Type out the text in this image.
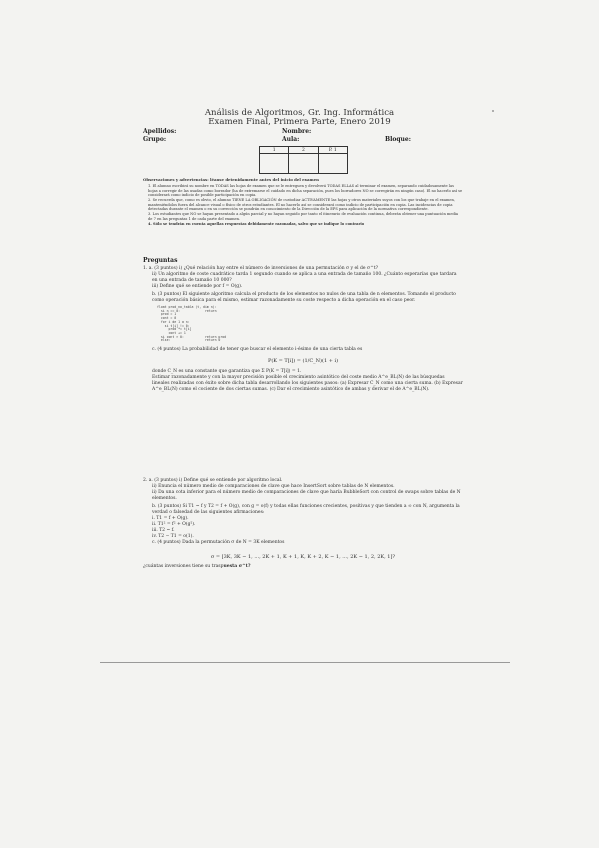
Análisis de Algoritmos, Gr. Ing. Informática
Examen Final, Primera Parte, Enero 2019
Apellidos:	Nombre:
Grupo:	Aula:	Bloque:
1	2	P. 1

Observaciones y advertencias: léanse detenidamente antes del inicio del examen
1. El alumno escribirá su nombre en TODAS las hojas de examen que se le entreguen y devolverá TODAS ELLAS al terminar el examen, separando cuidadosamente las hojas a corregir de las usadas como borrador (ha de extremarse el cuidado en dicha separación, pues los borradores NO se corregirán en ningún caso). El no hacerlo así se considerará como indicio de posible participación en copia.
2. Se recuerda que, como es obvio, el alumno TIENE LA OBLIGACIÓN de custodiar ACTIVAMENTE las hojas y otros materiales suyos con los que trabaje en el examen, manteniéndolos fuera del alcance visual o físico de otros estudiantes. El no hacerlo así se considerará como indicio de participación en copia. Las incidencias de copia detectadas durante el examen o en su corrección se pondrán en conocimiento de la Dirección de la EPS para aplicación de la normativa correspondiente.
3. Los estudiantes que NO se hayan presentado a algún parcial y no hayan seguido por tanto el itinerario de evaluación continua, deberán obtener una puntuación media de 7 en las preguntas 1 de cada parte del examen.
4. Sólo se tendrán en cuenta aquellas respuestas debidamente razonadas, salvo que se indique lo contrario
Preguntas
1. a. (3 puntos) i) ¿Qué relación hay entre el número de inversiones de una permutación σ y el de σ^t?
ii) Un algoritmo de coste cuadrático tarda 1 segundo cuando se aplica a una entrada de tamaño 100. ¿Cuánto esperarías que tardara en una entrada de tamaño 10 000?
iii) Define qué se entiende por f = O(g).
b. (3 puntos) El siguiente algoritmo calcula el producto de los elementos no nulos de una tabla de n elementos. Tomando el producto como operación básica para el mismo, estimar razonadamente su coste respecto a dicha operación en el caso peor.
float prod_no_tabla (t, dim n):
si n == 0:             return
prod = 1
cont = 0
for i de 1 a n:
si t[i] != 0:
prod *= t[i]
cont += 1
si cont > 0:           return prod
else:                  return 0
c. (4 puntos) La probabilidad de tener que buscar el elemento i-ésimo de una cierta tabla es
P(K = T[i]) = (1/C_N)(1 + i)
donde C_N es una constante que garantiza que Σ P(K = T[i]) = 1.
Estimar razonadamente y con la mayor precisión posible el crecimiento asintótico del coste medio A^e_BL(N) de las búsquedas lineales realizadas con éxito sobre dicha tabla desarrollando los siguientes pasos: (a) Expresar C_N como una cierta suma. (b) Expresar A^e_BL(N) como el cociente de dos ciertas sumas. (c) Dar el crecimiento asintótico de ambas y derivar el de A^e_BL(N).
2. a. (3 puntos) i) Define qué se entiende por algoritmo local.
ii) Enuncia el número medio de comparaciones de clave que hace InsertSort sobre tablas de N elementos.
ii) Da una cota inferior para el número medio de comparaciones de clave que haría BubbleSort con control de swaps sobre tablas de N elementos.
b. (3 puntos) Si T1 ~ f y T2 = f + O(g), con g = o(f) y todas ellas funciones crecientes, positivas y que tienden a ∞ con N, argumenta la verdad o falsedad de las siguientes afirmaciones:
i. T1 = f + O(g).
ii. T1² = f² + O(g²).
iii. T2 ~ f.
iv. T2 − T1 = o(1).
c. (4 puntos) Dada la permutación σ de N = 3K elementos
σ = [3K, 3K − 1, ..., 2K + 1, K + 1, K, K + 2, K − 1, ..., 2K − 1, 2, 2K, 1]?
¿cuántas inversiones tiene su traspuesta σ^t?
